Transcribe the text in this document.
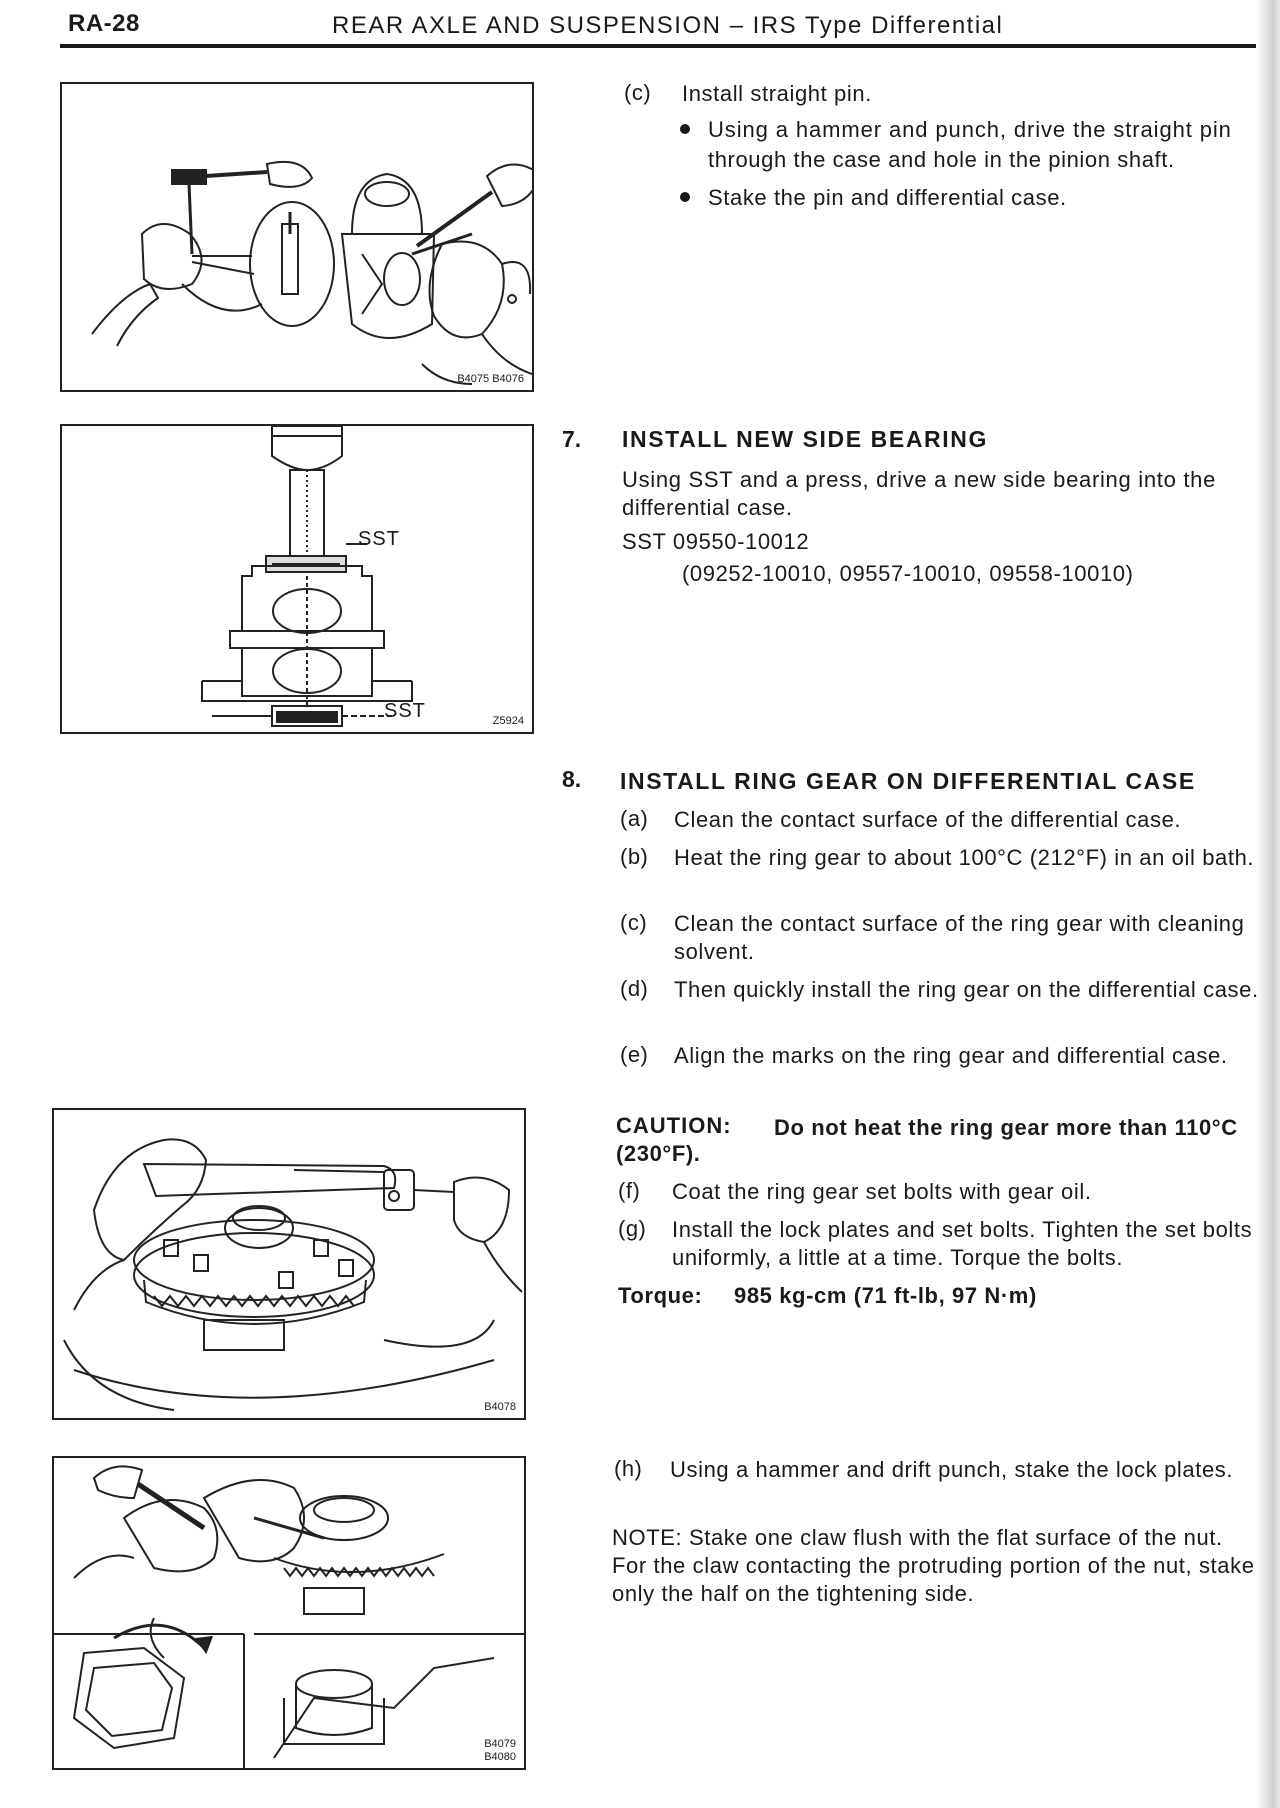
RA-28	REAR AXLE AND SUSPENSION – IRS Type Differential
B4075 B4076
SST
SST	Z5924
B4078
B4079
B4080
(c) Install straight pin.
Using a hammer and punch, drive the straight pin
through the case and hole in the pinion shaft.
Stake the pin and differential case.
7. INSTALL NEW SIDE BEARING
Using SST and a press, drive a new side bearing into the
differential case.
SST 09550-10012
(09252-10010, 09557-10010, 09558-10010)
8. INSTALL RING GEAR ON DIFFERENTIAL CASE
(a) Clean the contact surface of the differential case.
(b) Heat the ring gear to about 100°C (212°F) in an oil bath.
(c) Clean the contact surface of the ring gear with cleaning solvent.
(d) Then quickly install the ring gear on the differential case.
(e) Align the marks on the ring gear and differential case.
CAUTION: Do not heat the ring gear more than 110°C
(230°F).
(f) Coat the ring gear set bolts with gear oil.
(g) Install the lock plates and set bolts. Tighten the set bolts uniformly, a little at a time. Torque the bolts.
Torque: 985 kg-cm (71 ft-lb, 97 N·m)
(h) Using a hammer and drift punch, stake the lock plates.
NOTE: Stake one claw flush with the flat surface of the nut. For the claw contacting the protruding portion of the nut, stake only the half on the tightening side.
